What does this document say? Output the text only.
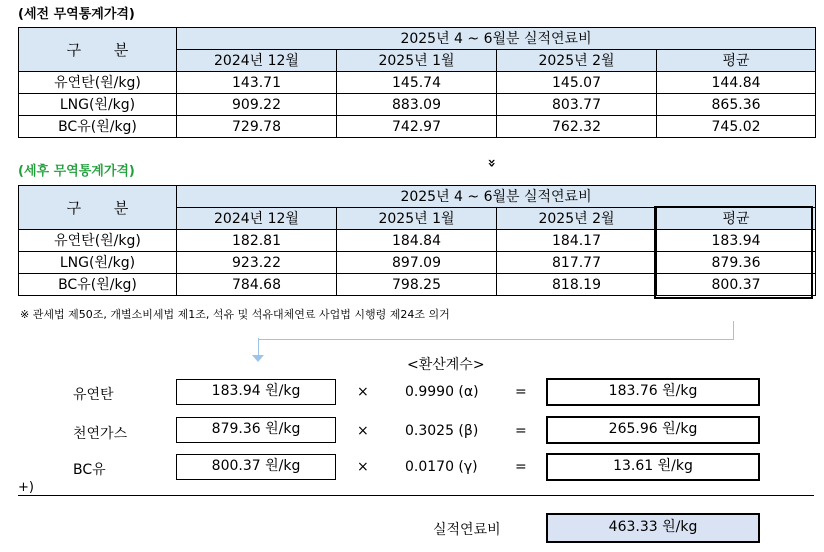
(세전 무역통계가격)
구 분	2025년 4 ~ 6월분 실적연료비			
	2024년 12월	2025년 1월	2025년 2월	평균
유연탄(원/kg)	143.71	145.74	145.07	144.84
LNG(원/kg)	909.22	883.09	803.77	865.36
BC유(원/kg)	729.78	742.97	762.32	745.02
»
(세후 무역통계가격)
구 분	2025년 4 ~ 6월분 실적연료비			
	2024년 12월	2025년 1월	2025년 2월	평균
유연탄(원/kg)	182.81	184.84	184.17	183.94
LNG(원/kg)	923.22	897.09	817.77	879.36
BC유(원/kg)	784.68	798.25	818.19	800.37
※ 관세법 제50조, 개별소비세법 제1조, 석유 및 석유대체연료 사업법 시행령 제24조 의거
<환산계수>
유연탄	183.94 원/kg	×	0.9990 (α)	=	183.76 원/kg
천연가스	879.36 원/kg	×	0.3025 (β)	=	265.96 원/kg
BC유	800.37 원/kg	×	0.0170 (γ)	=	13.61 원/kg
+)
실적연료비	463.33 원/kg
